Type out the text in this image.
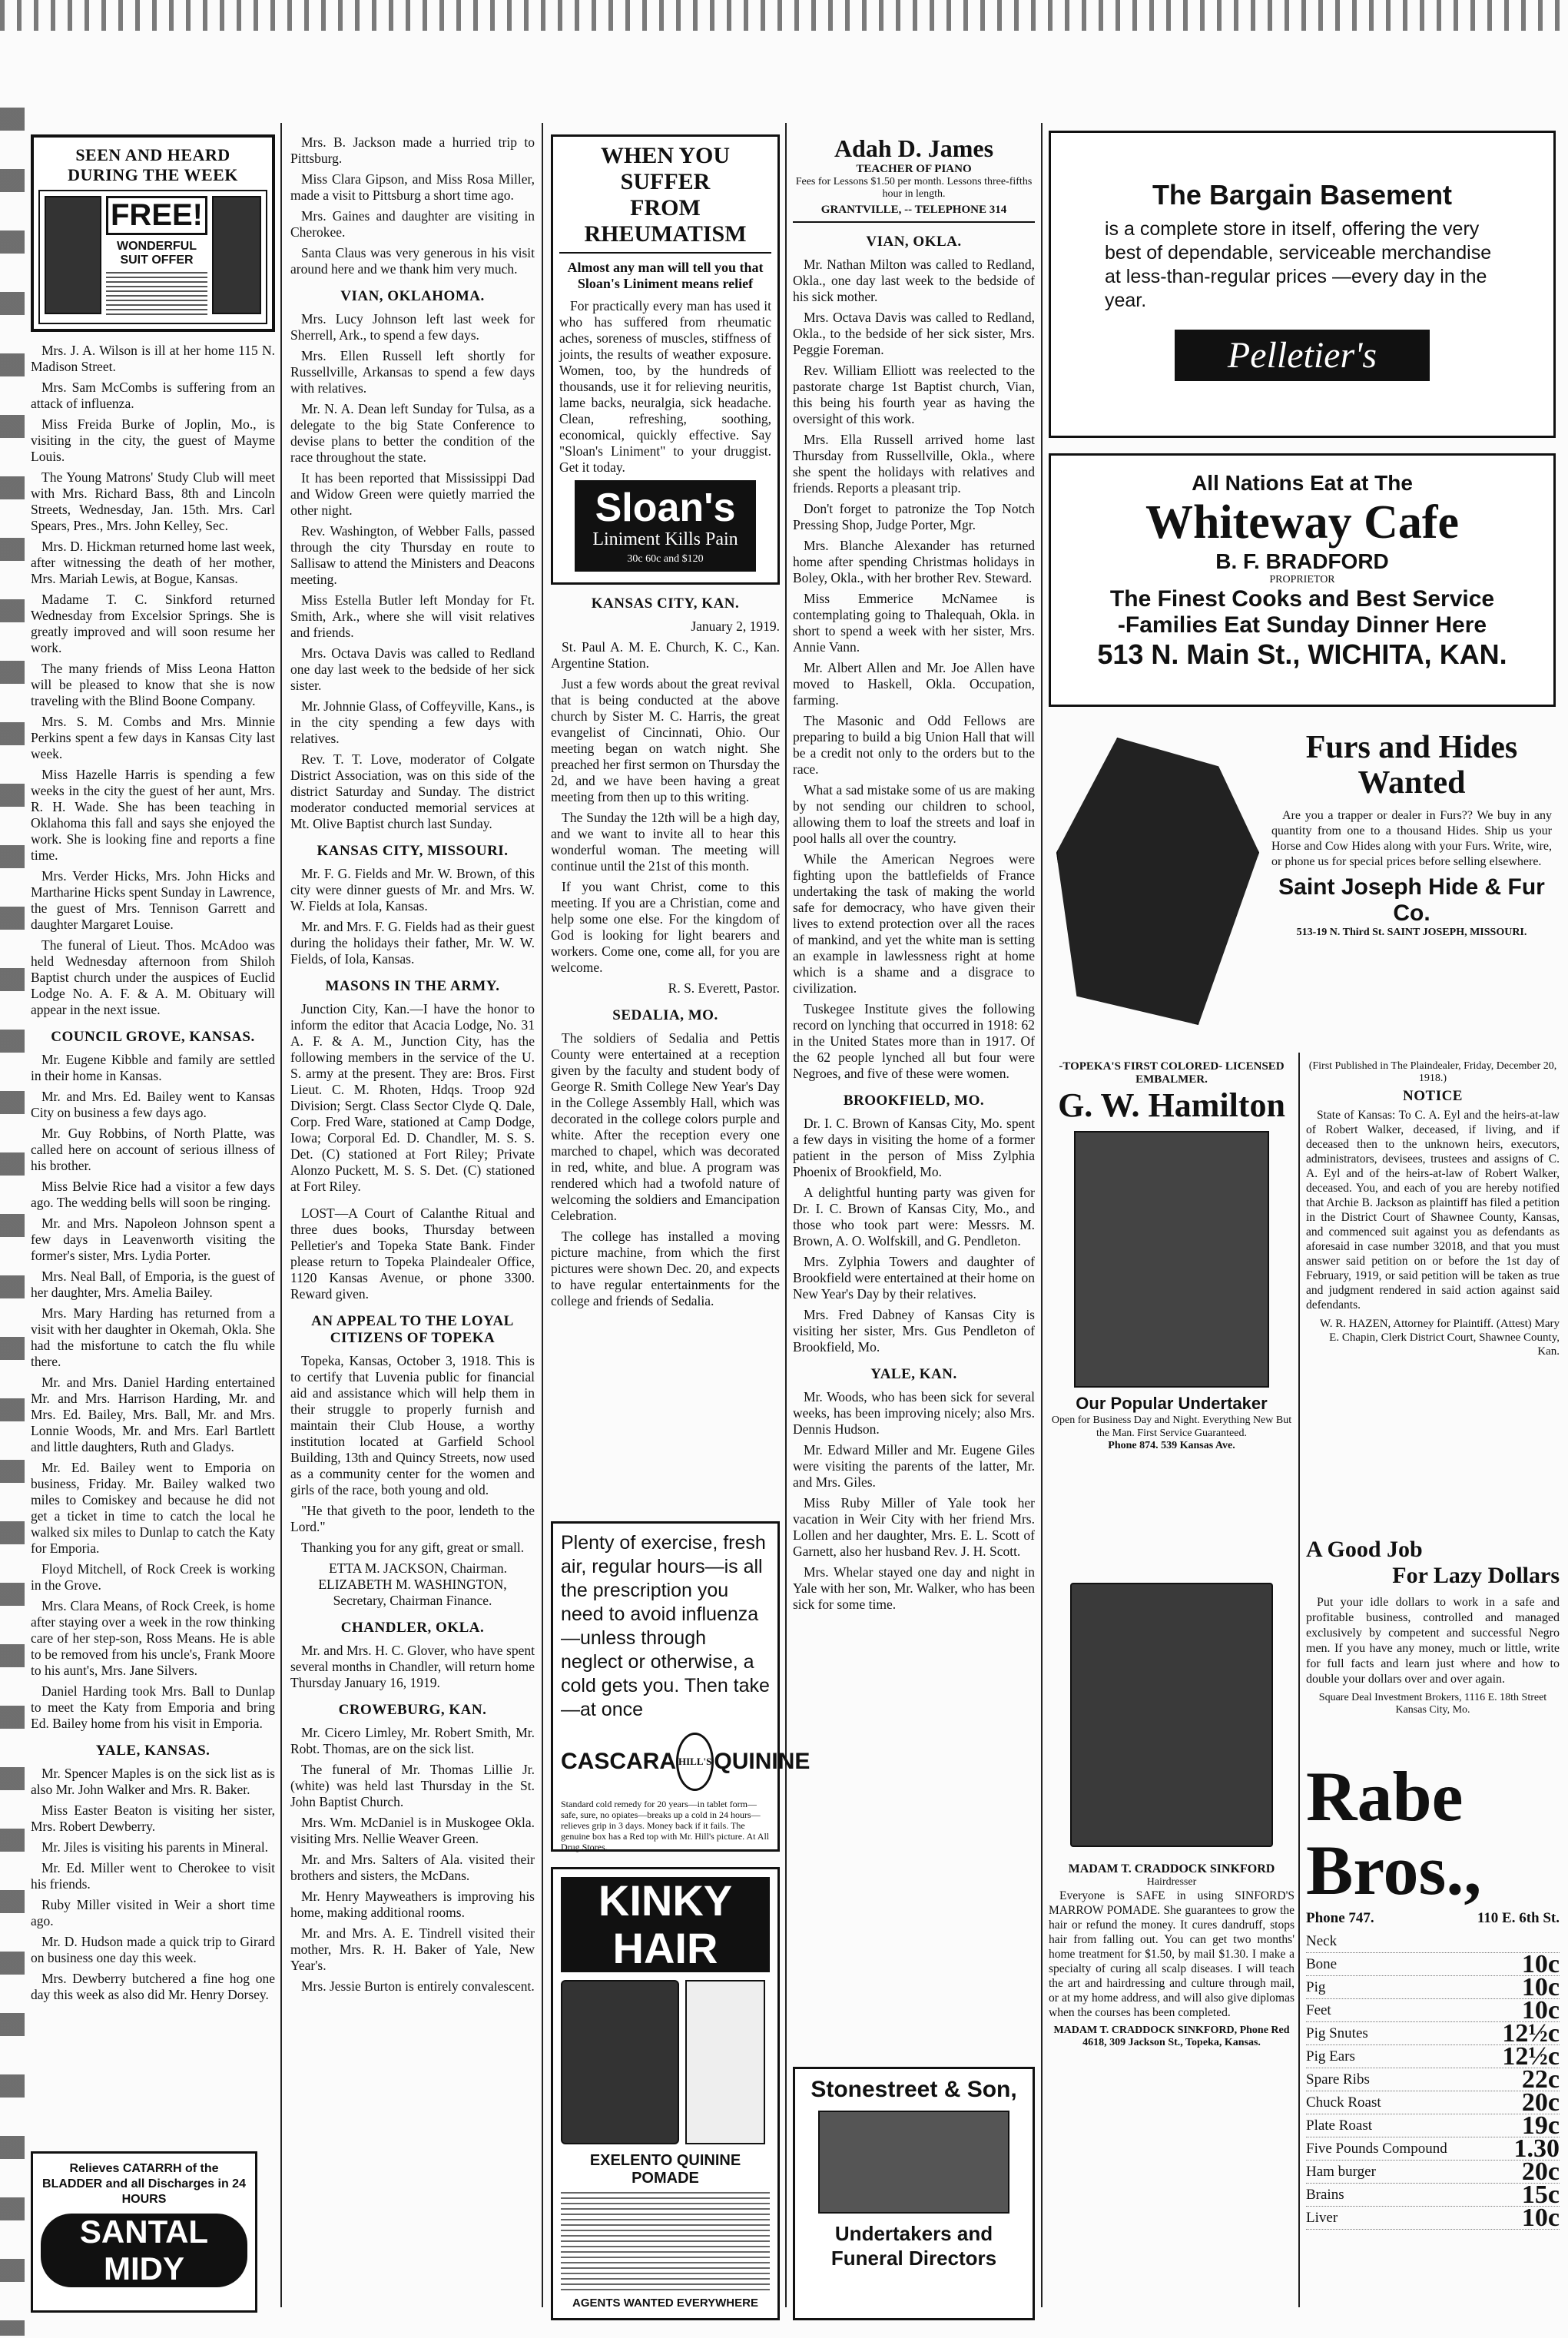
SEEN AND HEARD
DURING THE WEEK
FREE!
WONDERFUL SUIT OFFER

Mrs. J. A. Wilson is ill at her home 115 N. Madison Street.

Mrs. Sam McCombs is suffering from an attack of influenza.

Miss Freida Burke of Joplin, Mo., is visiting in the city, the guest of Mayme Louis.

The Young Matrons' Study Club will meet with Mrs. Richard Bass, 8th and Lincoln Streets, Wednesday, Jan. 15th. Mrs. Carl Spears, Pres., Mrs. John Kelley, Sec.

Mrs. D. Hickman returned home last week, after witnessing the death of her mother, Mrs. Mariah Lewis, at Bogue, Kansas.

Madame T. C. Sinkford returned Wednesday from Excelsior Springs. She is greatly improved and will soon resume her work.

The many friends of Miss Leona Hatton will be pleased to know that she is now traveling with the Blind Boone Company.

Mrs. S. M. Combs and Mrs. Minnie Perkins spent a few days in Kansas City last week.

Miss Hazelle Harris is spending a few weeks in the city the guest of her aunt, Mrs. R. H. Wade. She has been teaching in Oklahoma this fall and says she enjoyed the work. She is looking fine and reports a fine time.

Mrs. Verder Hicks, Mrs. John Hicks and Martharine Hicks spent Sunday in Lawrence, the guest of Mrs. Tennison Garrett and daughter Margaret Louise.

The funeral of Lieut. Thos. McAdoo was held Wednesday afternoon from Shiloh Baptist church under the auspices of Euclid Lodge No. A. F. & A. M. Obituary will appear in the next issue.

COUNCIL GROVE, KANSAS.

Mr. Eugene Kibble and family are settled in their home in Kansas.

Mr. and Mrs. Ed. Bailey went to Kansas City on business a few days ago.

Mr. Guy Robbins, of North Platte, was called here on account of serious illness of his brother.

Miss Belvie Rice had a visitor a few days ago. The wedding bells will soon be ringing.

Mr. and Mrs. Napoleon Johnson spent a few days in Leavenworth visiting the former's sister, Mrs. Lydia Porter.

Mrs. Neal Ball, of Emporia, is the guest of her daughter, Mrs. Amelia Bailey.

Mrs. Mary Harding has returned from a visit with her daughter in Okemah, Okla. She had the misfortune to catch the flu while there.

Mr. and Mrs. Daniel Harding entertained Mr. and Mrs. Harrison Harding, Mr. and Mrs. Ed. Bailey, Mrs. Ball, Mr. and Mrs. Lonnie Woods, Mr. and Mrs. Earl Bartlett and little daughters, Ruth and Gladys.

Mr. Ed. Bailey went to Emporia on business, Friday. Mr. Bailey walked two miles to Comiskey and because he did not get a ticket in time to catch the local he walked six miles to Dunlap to catch the Katy for Emporia.

Floyd Mitchell, of Rock Creek is working in the Grove.

Mrs. Clara Means, of Rock Creek, is home after staying over a week in the row thinking care of her step-son, Ross Means. He is able to be removed from his uncle's, Frank Moore to his aunt's, Mrs. Jane Silvers.

Daniel Harding took Mrs. Ball to Dunlap to meet the Katy from Emporia and bring Ed. Bailey home from his visit in Emporia.

YALE, KANSAS.

Mr. Spencer Maples is on the sick list as is also Mr. John Walker and Mrs. R. Baker.

Miss Easter Beaton is visiting her sister, Mrs. Robert Dewberry.

Mr. Jiles is visiting his parents in Mineral.

Mr. Ed. Miller went to Cherokee to visit his friends.

Ruby Miller visited in Weir a short time ago.

Mr. D. Hudson made a quick trip to Girard on business one day this week.

Mrs. Dewberry butchered a fine hog one day this week as also did Mr. Henry Dorsey.

Relieves CATARRH of the BLADDER and all Discharges in 24 HOURS
SANTAL MIDY

Mrs. B. Jackson made a hurried trip to Pittsburg.

Miss Clara Gipson, and Miss Rosa Miller, made a visit to Pittsburg a short time ago.

Mrs. Gaines and daughter are visiting in Cherokee.

Santa Claus was very generous in his visit around here and we thank him very much.

VIAN, OKLAHOMA.

Mrs. Lucy Johnson left last week for Sherrell, Ark., to spend a few days.

Mrs. Ellen Russell left shortly for Russellville, Arkansas to spend a few days with relatives.

Mr. N. A. Dean left Sunday for Tulsa, as a delegate to the big State Conference to devise plans to better the condition of the race throughout the state.

It has been reported that Mississippi Dad and Widow Green were quietly married the other night.

Rev. Washington, of Webber Falls, passed through the city Thursday en route to Sallisaw to attend the Ministers and Deacons meeting.

Miss Estella Butler left Monday for Ft. Smith, Ark., where she will visit relatives and friends.

Mrs. Octava Davis was called to Redland one day last week to the bedside of her sick sister.

Mr. Johnnie Glass, of Coffeyville, Kans., is in the city spending a few days with relatives.

Rev. T. T. Love, moderator of Colgate District Association, was on this side of the district Saturday and Sunday. The district moderator conducted memorial services at Mt. Olive Baptist church last Sunday.

KANSAS CITY, MISSOURI.

Mr. F. G. Fields and Mr. W. Brown, of this city were dinner guests of Mr. and Mrs. W. W. Fields at Iola, Kansas.

Mr. and Mrs. F. G. Fields had as their guest during the holidays their father, Mr. W. W. Fields, of Iola, Kansas.

MASONS IN THE ARMY.

Junction City, Kan.—I have the honor to inform the editor that Acacia Lodge, No. 31 A. F. & A. M., Junction City, has the following members in the service of the U. S. army at the present. They are: Bros. First Lieut. C. M. Rhoten, Hdqs. Troop 92d Division; Sergt. Class Sector Clyde Q. Dale, Corp. Fred Ware, stationed at Camp Dodge, Iowa; Corporal Ed. D. Chandler, M. S. S. Det. (C) stationed at Fort Riley; Private Alonzo Puckett, M. S. S. Det. (C) stationed at Fort Riley.

LOST—A Court of Calanthe Ritual and three dues books, Thursday between Pelletier's and Topeka State Bank. Finder please return to Topeka Plaindealer Office, 1120 Kansas Avenue, or phone 3300. Reward given.

AN APPEAL TO THE LOYAL CITIZENS OF TOPEKA

Topeka, Kansas, October 3, 1918. This is to certify that Luvenia public for financial aid and assistance which will help them in their struggle to properly furnish and maintain their Club House, a worthy institution located at Garfield School Building, 13th and Quincy Streets, now used as a community center for the women and girls of the race, both young and old.

"He that giveth to the poor, lendeth to the Lord."

Thanking you for any gift, great or small.

ETTA M. JACKSON, Chairman. ELIZABETH M. WASHINGTON, Secretary, Chairman Finance.

CHANDLER, OKLA.

Mr. and Mrs. H. C. Glover, who have spent several months in Chandler, will return home Thursday January 16, 1919.

CROWEBURG, KAN.

Mr. Cicero Limley, Mr. Robert Smith, Mr. Robt. Thomas, are on the sick list.

The funeral of Mr. Thomas Lillie Jr. (white) was held last Thursday in the St. John Baptist Church.

Mrs. Wm. McDaniel is in Muskogee Okla. visiting Mrs. Nellie Weaver Green.

Mr. and Mrs. Salters of Ala. visited their brothers and sisters, the McDans.

Mr. Henry Mayweathers is improving his home, making additional rooms.

Mr. and Mrs. A. E. Tindrell visited their mother, Mrs. R. H. Baker of Yale, New Year's.

Mrs. Jessie Burton is entirely convalescent.

WHEN YOU SUFFER
FROM RHEUMATISM
Almost any man will tell you that Sloan's Liniment means relief

For practically every man has used it who has suffered from rheumatic aches, soreness of muscles, stiffness of joints, the results of weather exposure. Women, too, by the hundreds of thousands, use it for relieving neuritis, lame backs, neuralgia, sick headache. Clean, refreshing, soothing, economical, quickly effective. Say "Sloan's Liniment" to your druggist. Get it today.

Sloan's
Liniment Kills Pain
30c 60c and $120
KANSAS CITY, KAN.

January 2, 1919.

St. Paul A. M. E. Church, K. C., Kan. Argentine Station.

Just a few words about the great revival that is being conducted at the above church by Sister M. C. Harris, the great evangelist of Cincinnati, Ohio. Our meeting began on watch night. She preached her first sermon on Thursday the 2d, and we have been having a great meeting from then up to this writing.

The Sunday the 12th will be a high day, and we want to invite all to hear this wonderful woman. The meeting will continue until the 21st of this month.

If you want Christ, come to this meeting. If you are a Christian, come and help some one else. For the kingdom of God is looking for light bearers and workers. Come one, come all, for you are welcome.

R. S. Everett, Pastor.

SEDALIA, MO.

The soldiers of Sedalia and Pettis County were entertained at a reception given by the faculty and student body of George R. Smith College New Year's Day in the College Assembly Hall, which was decorated in the college colors purple and white. After the reception every one marched to chapel, which was decorated in red, white, and blue. A program was rendered which had a twofold nature of welcoming the soldiers and Emancipation Celebration.

The college has installed a moving picture machine, from which the first pictures were shown Dec. 20, and expects to have regular entertainments for the college and friends of Sedalia.

Plenty of exercise, fresh air, regular hours—is all the prescription you need to avoid influenza—unless through neglect or otherwise, a cold gets you. Then take—at once
CASCARA HILL'S QUININE
Standard cold remedy for 20 years—in tablet form—safe, sure, no opiates—breaks up a cold in 24 hours—relieves grip in 3 days. Money back if it fails. The genuine box has a Red top with Mr. Hill's picture. At All Drug Stores.
KINKY HAIR
EXELENTO QUININE POMADE
AGENTS WANTED EVERYWHERE
Adah D. James
TEACHER OF PIANO
Fees for Lessons $1.50 per month. Lessons three-fifths hour in length.
GRANTVILLE, -- TELEPHONE 314
VIAN, OKLA.

Mr. Nathan Milton was called to Redland, Okla., one day last week to the bedside of his sick mother.

Mrs. Octava Davis was called to Redland, Okla., to the bedside of her sick sister, Mrs. Peggie Foreman.

Rev. William Elliott was reelected to the pastorate charge 1st Baptist church, Vian, this being his fourth year as having the oversight of this work.

Mrs. Ella Russell arrived home last Thursday from Russellville, Okla., where she spent the holidays with relatives and friends. Reports a pleasant trip.

Don't forget to patronize the Top Notch Pressing Shop, Judge Porter, Mgr.

Mrs. Blanche Alexander has returned home after spending Christmas holidays in Boley, Okla., with her brother Rev. Steward.

Miss Emmerice McNamee is contemplating going to Thalequah, Okla. in short to spend a week with her sister, Mrs. Annie Vann.

Mr. Albert Allen and Mr. Joe Allen have moved to Haskell, Okla. Occupation, farming.

The Masonic and Odd Fellows are preparing to build a big Union Hall that will be a credit not only to the orders but to the race.

What a sad mistake some of us are making by not sending our children to school, allowing them to loaf the streets and loaf in pool halls all over the country.

While the American Negroes were fighting upon the battlefields of France undertaking the task of making the world safe for democracy, who have given their lives to extend protection over all the races of mankind, and yet the white man is setting an example in lawlessness right at home which is a shame and a disgrace to civilization.

Tuskegee Institute gives the following record on lynching that occurred in 1918: 62 in the United States more than in 1917. Of the 62 people lynched all but four were Negroes, and five of these were women.

BROOKFIELD, MO.

Dr. I. C. Brown of Kansas City, Mo. spent a few days in visiting the home of a former patient in the person of Miss Zylphia Phoenix of Brookfield, Mo.

A delightful hunting party was given for Dr. I. C. Brown of Kansas City, Mo., and those who took part were: Messrs. M. Brown, A. O. Wolfskill, and G. Pendleton.

Mrs. Zylphia Towers and daughter of Brookfield were entertained at their home on New Year's Day by their relatives.

Mrs. Fred Dabney of Kansas City is visiting her sister, Mrs. Gus Pendleton of Brookfield, Mo.

YALE, KAN.

Mr. Woods, who has been sick for several weeks, has been improving nicely; also Mrs. Dennis Hudson.

Mr. Edward Miller and Mr. Eugene Giles were visiting the parents of the latter, Mr. and Mrs. Giles.

Miss Ruby Miller of Yale took her vacation in Weir City with her friend Mrs. Lollen and her daughter, Mrs. E. L. Scott of Garnett, also her husband Rev. J. H. Scott.

Mrs. Whelar stayed one day and night in Yale with her son, Mr. Walker, who has been sick for some time.

Stonestreet & Son,
Undertakers and Funeral Directors
The Bargain Basement
is a complete store in itself, offering the very best of dependable, serviceable merchandise at less-than-regular prices —every day in the year.
Pelletier's
All Nations Eat at The
Whiteway Cafe
B. F. BRADFORD
PROPRIETOR
The Finest Cooks and Best Service
-Families Eat Sunday Dinner Here
513 N. Main St., WICHITA, KAN.
Furs and Hides
Wanted

Are you a trapper or dealer in Furs?? We buy in any quantity from one to a thousand Hides. Ship us your Horse and Cow Hides along with your Furs. Write, wire, or phone us for special prices before selling elsewhere.

Saint Joseph Hide & Fur Co.
513-19 N. Third St. SAINT JOSEPH, MISSOURI.
-TOPEKA'S FIRST COLORED- LICENSED EMBALMER.
G. W. Hamilton
Our Popular Undertaker
Open for Business Day and Night. Everything New But the Man. First Service Guaranteed.
Phone 874. 539 Kansas Ave.
(First Published in The Plaindealer, Friday, December 20, 1918.)
NOTICE

State of Kansas: To C. A. Eyl and the heirs-at-law of Robert Walker, deceased, if living, and if deceased then to the unknown heirs, executors, administrators, devisees, trustees and assigns of C. A. Eyl and of the heirs-at-law of Robert Walker, deceased. You, and each of you are hereby notified that Archie B. Jackson as plaintiff has filed a petition in the District Court of Shawnee County, Kansas, and commenced suit against you as defendants as aforesaid in case number 32018, and that you must answer said petition on or before the 1st day of February, 1919, or said petition will be taken as true and judgment rendered in said action against said defendants.

W. R. HAZEN, Attorney for Plaintiff. (Attest) Mary E. Chapin, Clerk District Court, Shawnee County, Kan.

A Good Job
For Lazy Dollars

Put your idle dollars to work in a safe and profitable business, controlled and managed exclusively by competent and successful Negro men. If you have any money, much or little, write for full facts and learn just where and how to double your dollars over and over again.

Square Deal Investment Brokers, 1116 E. 18th Street Kansas City, Mo.
MADAM T. CRADDOCK SINKFORD
Hairdresser

Everyone is SAFE in using SINFORD'S MARROW POMADE. She guarantees to grow the hair or refund the money. It cures dandruff, stops hair from falling out. You can get two months' home treatment for $1.50, by mail $1.30. I make a specialty of curing all scalp diseases. I will teach the art and hairdressing and culture through mail, or at my home address, and will also give diplomas when the courses has been completed.

MADAM T. CRADDOCK SINKFORD, Phone Red 4618, 309 Jackson St., Topeka, Kansas.
Rabe
Bros.,
Phone 747.	110 E. 6th St.
Neck
Bone	10c
Pig	10c
Feet	10c
Pig Snutes	12½c
Pig Ears	12½c
Spare Ribs	22c
Chuck Roast	20c
Plate Roast	19c
Five Pounds Compound	1.30
Ham burger	20c
Brains	15c
Liver	10c
